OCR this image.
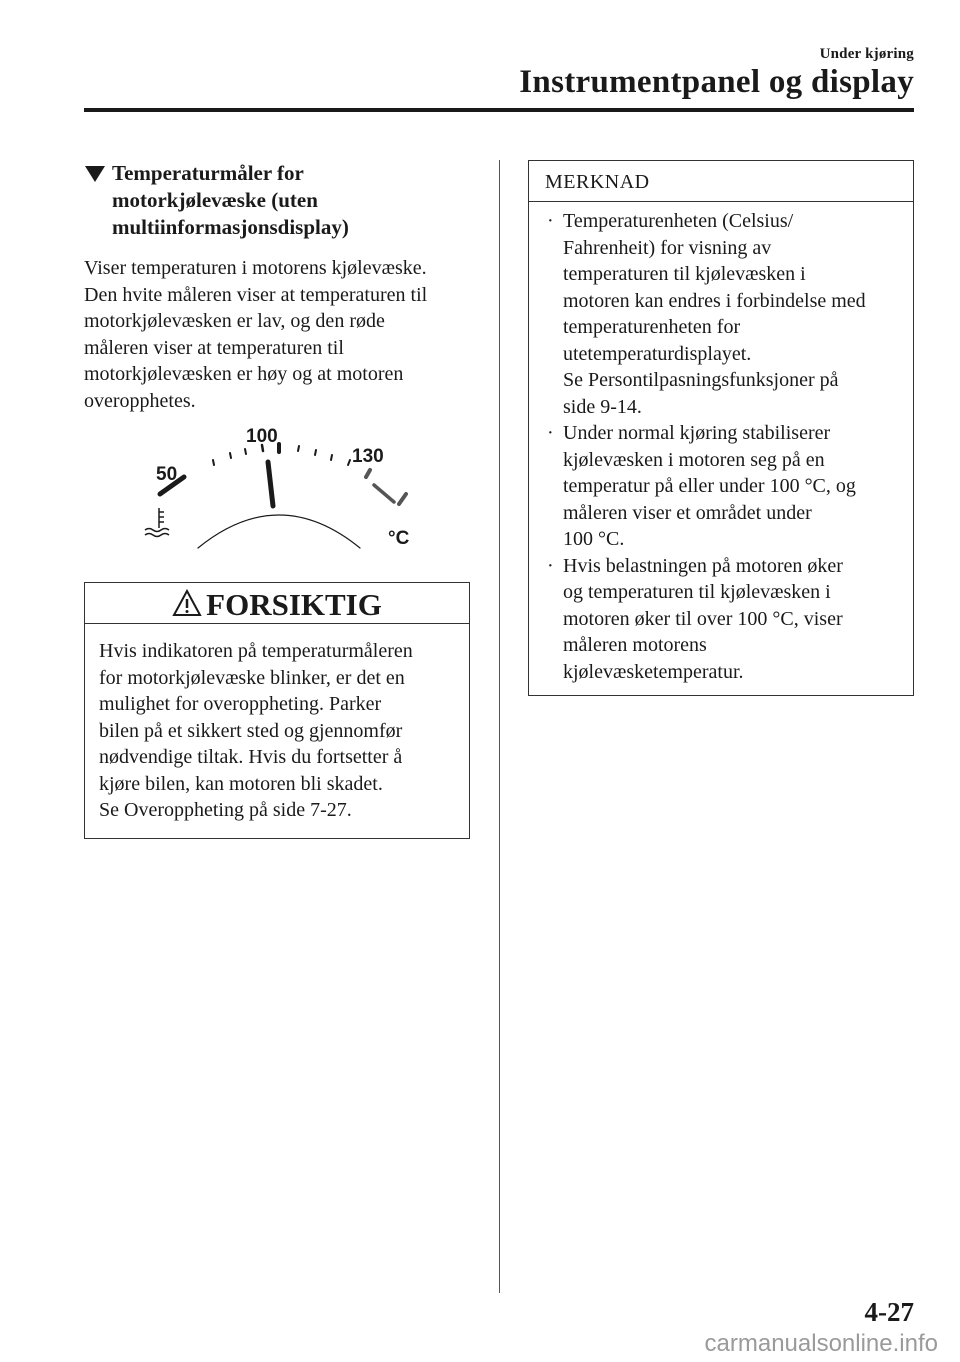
Under kjøring
Instrumentpanel og display
Temperaturmåler for
motorkjølevæske (uten
multiinformasjonsdisplay)
Viser temperaturen i motorens kjølevæske.
Den hvite måleren viser at temperaturen til
motorkjølevæsken er lav, og den røde
måleren viser at temperaturen til
motorkjølevæsken er høy og at motoren
overopphetes.
50
100
130
°C
FORSIKTIG
Hvis indikatoren på temperaturmåleren
for motorkjølevæske blinker, er det en
mulighet for overoppheting. Parker
bilen på et sikkert sted og gjennomfør
nødvendige tiltak. Hvis du fortsetter å
kjøre bilen, kan motoren bli skadet.
Se Overoppheting på side 7-27.
MERKNAD
· Temperaturenheten (Celsius/
Fahrenheit) for visning av
temperaturen til kjølevæsken i
motoren kan endres i forbindelse med
temperaturenheten for
utetemperaturdisplayet.
Se Persontilpasningsfunksjoner på
side 9-14.
· Under normal kjøring stabiliserer
kjølevæsken i motoren seg på en
temperatur på eller under 100 °C, og
måleren viser et området under
100 °C.
· Hvis belastningen på motoren øker
og temperaturen til kjølevæsken i
motoren øker til over 100 °C, viser
måleren motorens
kjølevæsketemperatur.
4-27
carmanualsonline.info
